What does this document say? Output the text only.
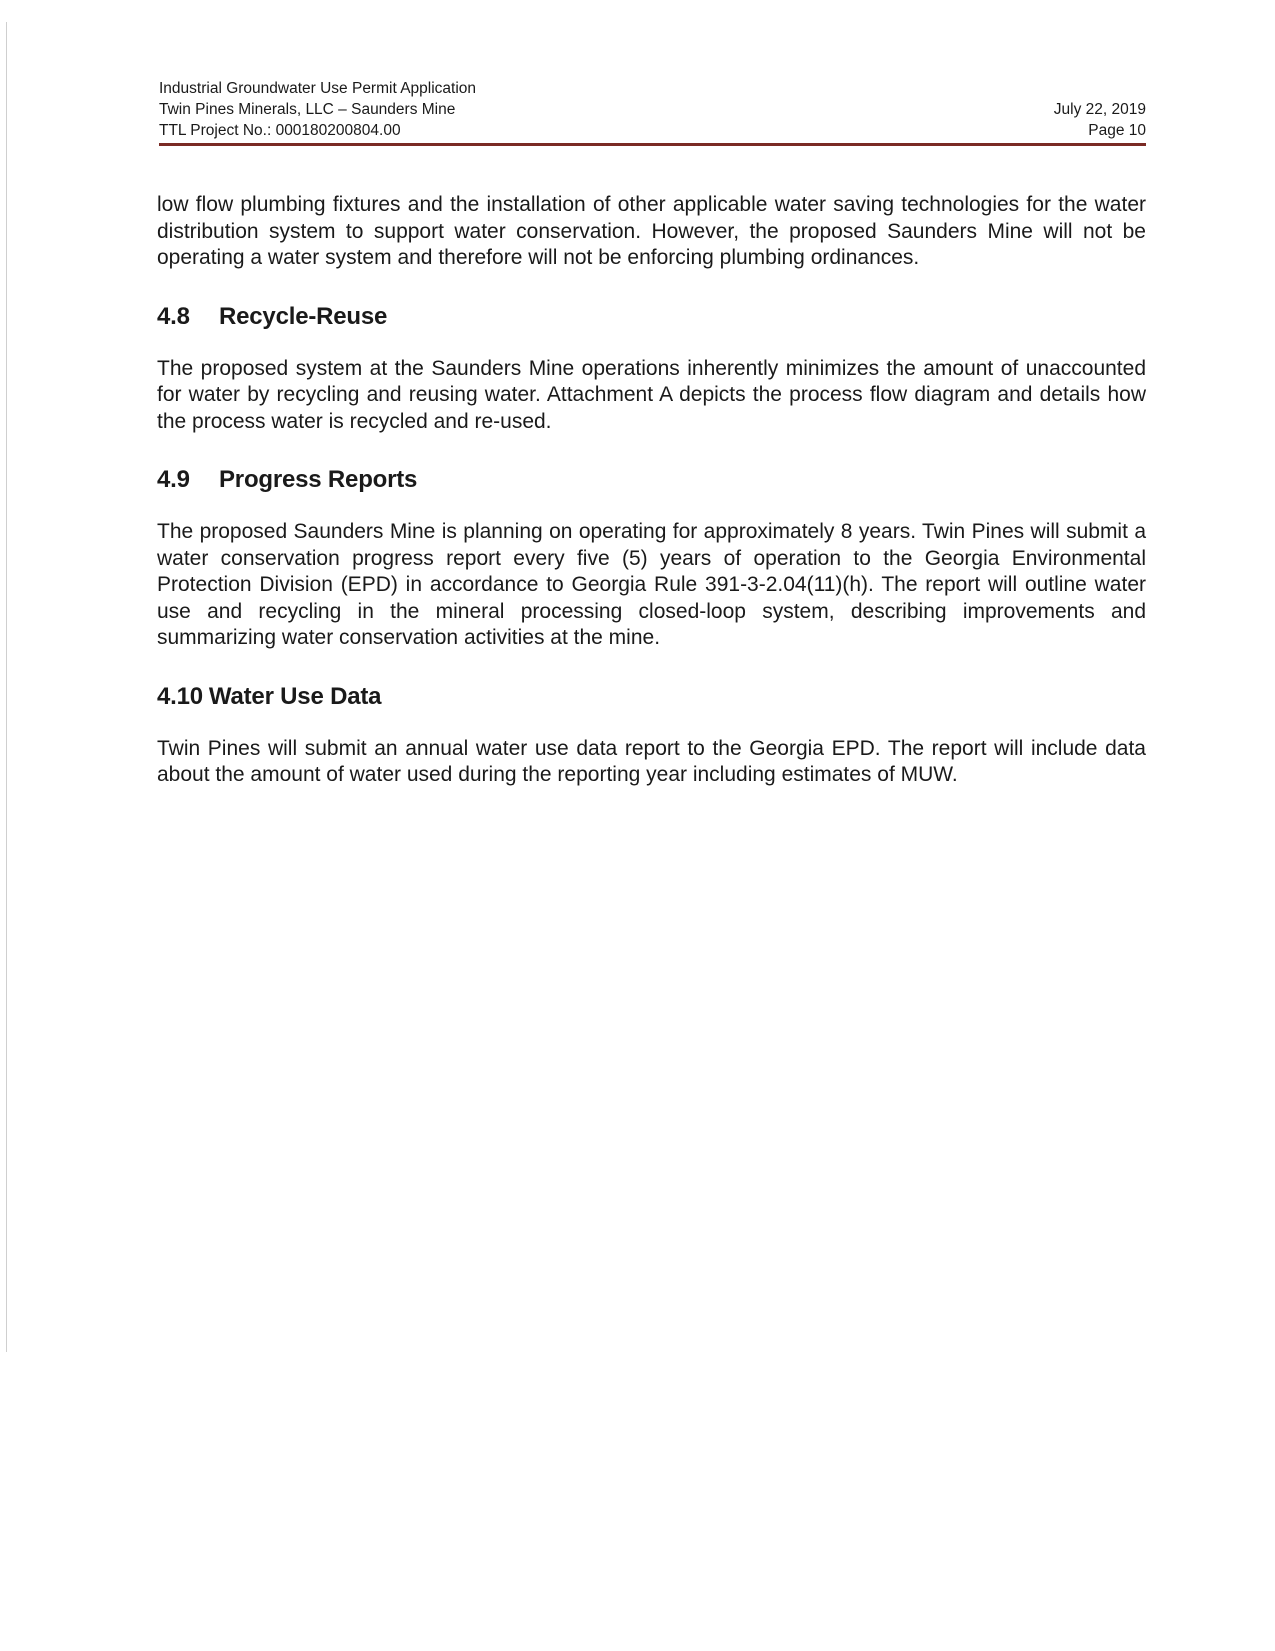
Industrial Groundwater Use Permit Application
Twin Pines Minerals, LLC – Saunders Mine
TTL Project No.: 000180200804.00
July 22, 2019
Page 10

low flow plumbing fixtures and the installation of other applicable water saving technologies for the water distribution system to support water conservation. However, the proposed Saunders Mine will not be operating a water system and therefore will not be enforcing plumbing ordinances.

4.8 Recycle-Reuse

The proposed system at the Saunders Mine operations inherently minimizes the amount of unaccounted for water by recycling and reusing water. Attachment A depicts the process flow diagram and details how the process water is recycled and re-used.

4.9 Progress Reports

The proposed Saunders Mine is planning on operating for approximately 8 years. Twin Pines will submit a water conservation progress report every five (5) years of operation to the Georgia Environmental Protection Division (EPD) in accordance to Georgia Rule 391-3-2.04(11)(h). The report will outline water use and recycling in the mineral processing closed-loop system, describing improvements and summarizing water conservation activities at the mine.

4.10 Water Use Data

Twin Pines will submit an annual water use data report to the Georgia EPD. The report will include data about the amount of water used during the reporting year including estimates of MUW.
